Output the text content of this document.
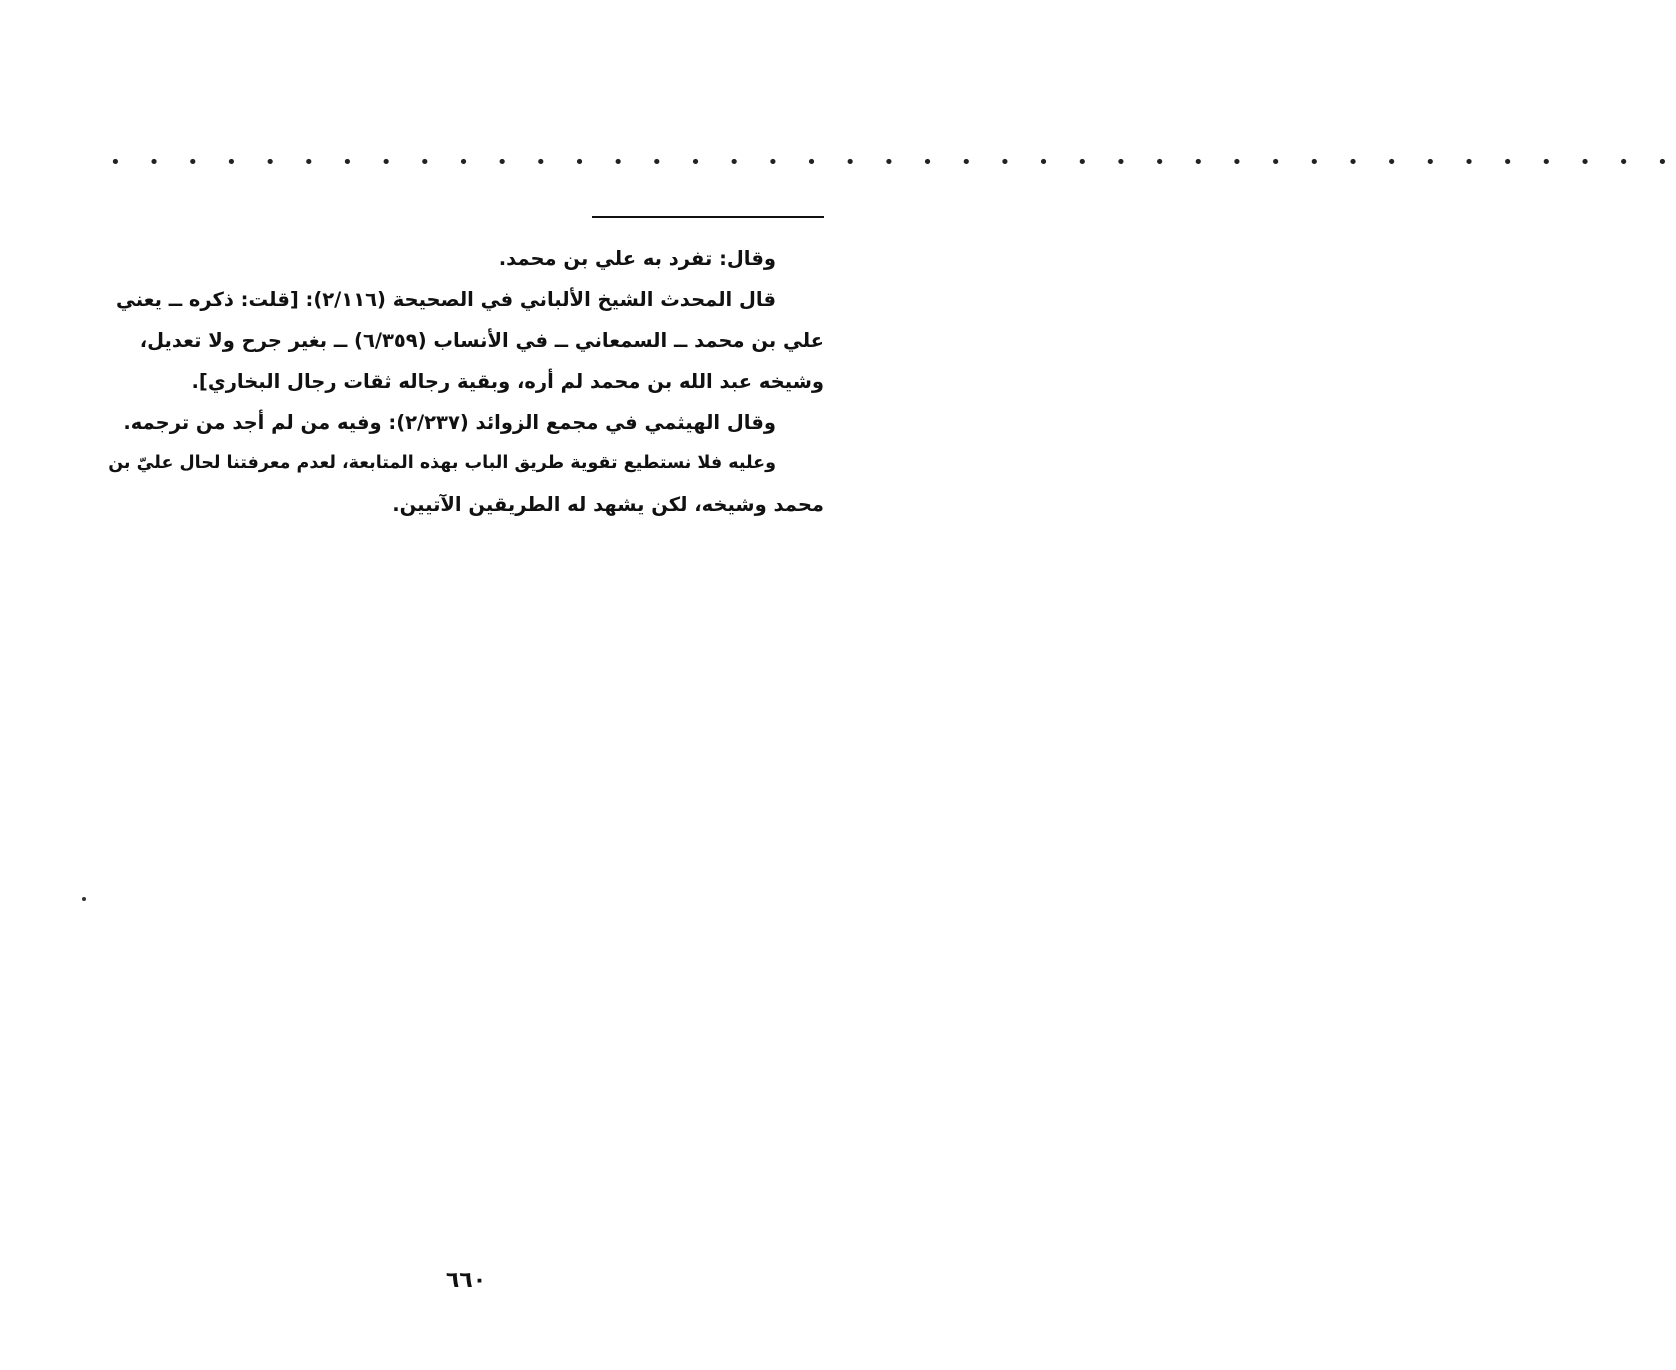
• • • • • • • • • • • • • • • • • • • • • • • • • • • • • • • • • • • • • • • • •
وقال: تفرد به علي بن محمد.
قال المحدث الشيخ الألباني في الصحيحة (٢/١١٦): [قلت: ذكره ــ يعني
علي بن محمد ــ السمعاني ــ في الأنساب (٦/٣٥٩) ــ بغير جرح ولا تعديل،
وشيخه عبد الله بن محمد لم أره، وبقية رجاله ثقات رجال البخاري].
وقال الهيثمي في مجمع الزوائد (٢/٢٣٧): وفيه من لم أجد من ترجمه.
وعليه فلا نستطيع تقوية طريق الباب بهذه المتابعة، لعدم معرفتنا لحال عليّ بن
محمد وشيخه، لكن يشهد له الطريقين الآتيين.
٦٦٠
